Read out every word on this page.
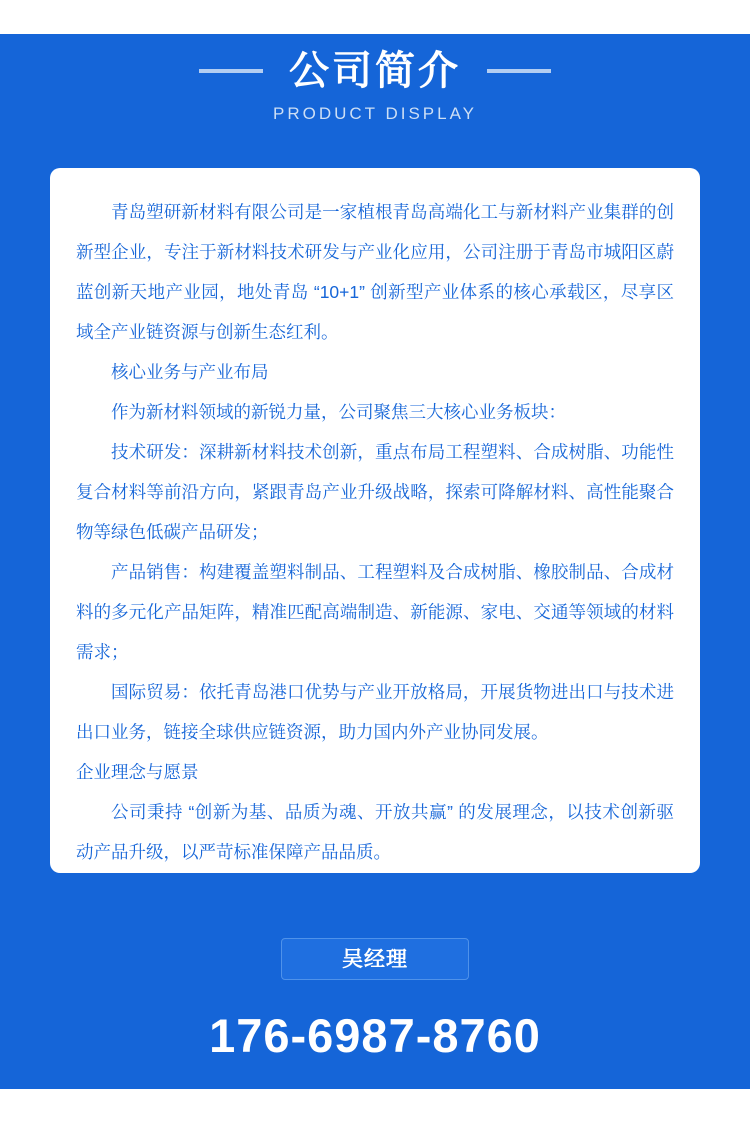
公司简介
PRODUCT DISPLAY

青岛塑研新材料有限公司是一家植根青岛高端化工与新材料产业集群的创新型企业，专注于新材料技术研发与产业化应用，公司注册于青岛市城阳区蔚蓝创新天地产业园，地处青岛 “10+1” 创新型产业体系的核心承载区，尽享区域全产业链资源与创新生态红利。

核心业务与产业布局

作为新材料领域的新锐力量，公司聚焦三大核心业务板块：

技术研发：深耕新材料技术创新，重点布局工程塑料、合成树脂、功能性复合材料等前沿方向，紧跟青岛产业升级战略，探索可降解材料、高性能聚合物等绿色低碳产品研发；

产品销售：构建覆盖塑料制品、工程塑料及合成树脂、橡胶制品、合成材料的多元化产品矩阵，精准匹配高端制造、新能源、家电、交通等领域的材料需求；

国际贸易：依托青岛港口优势与产业开放格局，开展货物进出口与技术进出口业务，链接全球供应链资源，助力国内外产业协同发展。

企业理念与愿景

公司秉持 “创新为基、品质为魂、开放共赢” 的发展理念，以技术创新驱动产品升级，以严苛标准保障产品品质。

吴经理
176-6987-8760
